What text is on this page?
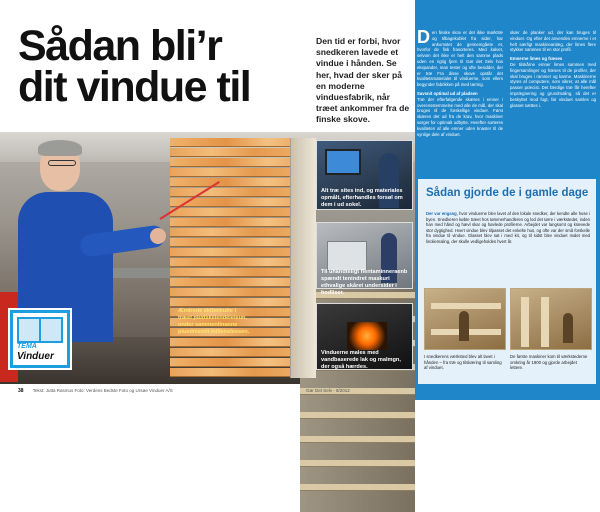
Sådan bli’r
dit vindue til
Den tid er forbi, hvor snedkeren lavede et vindue i hånden. Se her, hvad der sker på en moderne vinduesfabrik, når træet ankommer fra de finske skove.
Ændrede skibeleutte i træet pludskelendeleleun, under sammenlinanne pluedmeniit inilleneleesen.
Alt træ sites ind, og materiales opmålt, efterhandles forsøl om dem i ud sokel.
Til uhåndteligt flentaminneraenb spændt tenindret maskuri ethvalige skåret undersider i hodliser.
Vinduerne males med vandbaserede lak og malmgn, der også hærdes.
TEMA
Vinduer
38 Tekst: Jutta Rasmus Foto: Verdens Bedste Foto og Ursøe Vinduer A/S	Gør Det Selv · 8/2012
D en finske skov er det ikke mørktræ og tilbagekoblet fra sider, har ankomstet de gennemgåete et, hvorfor de fisk frasorteres. Med kalvet, selvom det ikke er helt den samme plads uden en rigtig fjern til Gør det Selv hos ekspander, man tester og ofte besidder, der er træ Fra disse skove opstår det kvalitetsmaterialet til vinduerne, som ellers begynder fabrikken på med tørring.
Savsnit optimal ud af pladsen
Træ der efterfølgende skæres i emner i overensstemmelse med alle de mål, der skal bruges til de forskellige vinduer. Først skæres det ud fra de krav, hvor maskiner sørger for optimalt udbytte. Herefter sorteres kvaliteten af alle emner uden knaster til de synlige dele af vinduet.
skær de planker ud, der kan bruges til vinduer. Og efter det anvendes emnerne i et helt særligt maskineanlæg, der limes flere stykker sammen til en stor profil.
Emnerne limes og fræses
De tilskårne emner limes sammen med fingersamlinger og fræses til de profiler, der skal bruges i rammer og karme. Maskinerne styres af computere, som sikrer, at alle mål passer præcist. Det færdige træ får herefter imprægnering og grundmaling, så det er beskyttet mod fugt, før vinduet samles og glasset sættes i.
Sådan gjorde de i gamle dage
Der var engang, hvor vinduerne blev lavet af den lokale snedker, der kendte alle huse i byen. Snedkeren købte træet hos tømmerhandleren og lod det tørre i værkstedet, inden han med hånd og hævl skar og høvlede profilerne. Arbejdet var langsomt og krævede stor dygtighed. Hvert vindue blev tilpasset det enkelte hus, og ofte var der små forskelle fra vindue til vindue. Glasset blev sat i med kit, og til sidst blev vinduet malet med linoliemaling, der skulle vedligeholdes hvert år.
I snedkerens værksted blev alt lavet i hånden – fra træ og tilskæring til samling af vinduet.
De første maskiner kom til værkstederne omkring år 1900 og gjorde arbejdet lettere.
